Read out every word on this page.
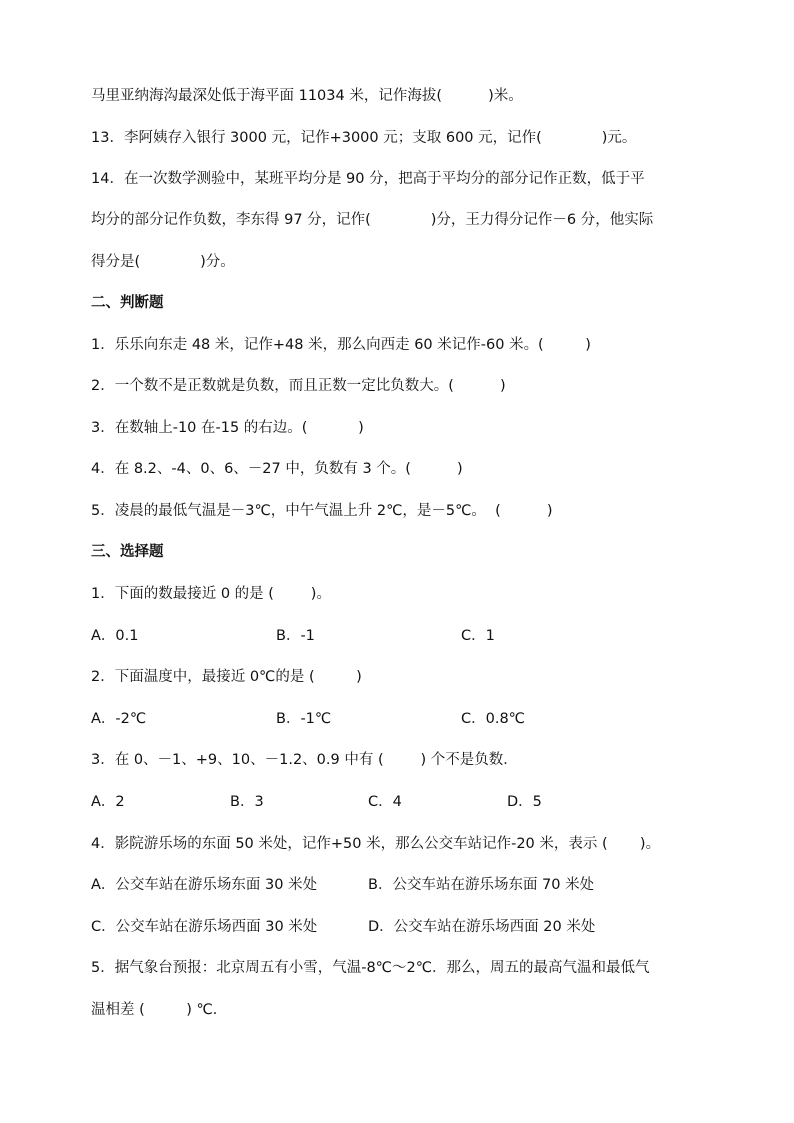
马里亚纳海沟最深处低于海平面 11034 米，记作海拔(          )米。
13．李阿姨存入银行 3000 元，记作+3000 元；支取 600 元，记作(             )元。
14．在一次数学测验中，某班平均分是 90 分，把高于平均分的部分记作正数，低于平
均分的部分记作负数，李东得 97 分，记作(             )分，王力得分记作－6 分，他实际
得分是(             )分。
二、判断题
1．乐乐向东走 48 米，记作+48 米，那么向西走 60 米记作-60 米。(         )
2．一个数不是正数就是负数，而且正数一定比负数大。(          )
3．在数轴上-10 在-15 的右边。(           )
4．在 8.2、-4、0、6、－27 中，负数有 3 个。(          )
5．凌晨的最低气温是－3℃，中午气温上升 2℃，是－5℃。  (          )
三、选择题
1．下面的数最接近 0 的是 (        )。
A．0.1	B．-1	C．1
2．下面温度中，最接近 0℃的是 (         )
A．-2℃	B．-1℃	C．0.8℃
3．在 0、－1、+9、10、－1.2、0.9 中有 (        ) 个不是负数．
A．2	B．3	C．4	D．5
4．影院游乐场的东面 50 米处，记作+50 米，那么公交车站记作-20 米，表示 (       )。
A．公交车站在游乐场东面 30 米处	B．公交车站在游乐场东面 70 米处
C．公交车站在游乐场西面 30 米处	D．公交车站在游乐场西面 20 米处
5．据气象台预报：北京周五有小雪，气温-8℃～2℃．那么，周五的最高气温和最低气
温相差 (         ) ℃．
